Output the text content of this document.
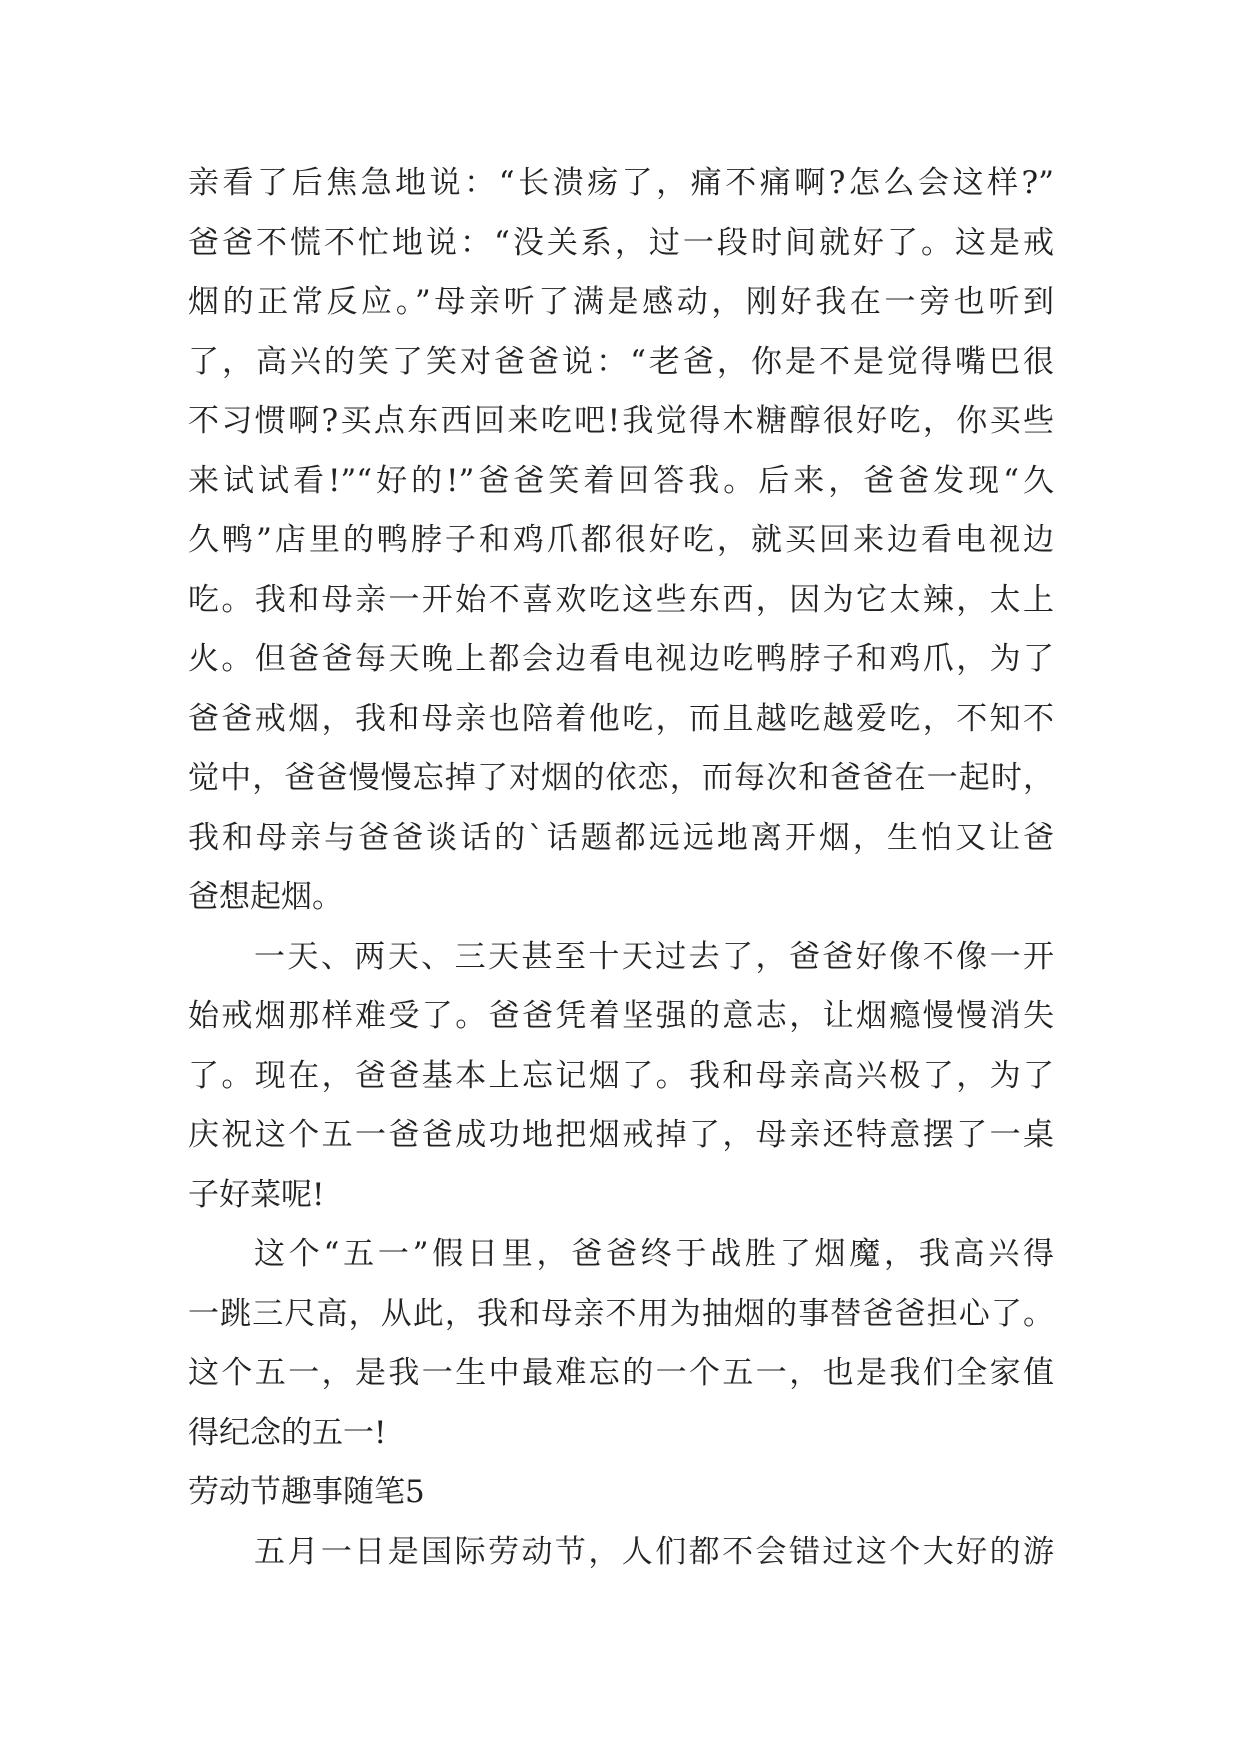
亲看了后焦急地说：“长溃疡了，痛不痛啊?怎么会这样?”
爸爸不慌不忙地说：“没关系，过一段时间就好了。这是戒
烟的正常反应。”母亲听了满是感动，刚好我在一旁也听到
了，高兴的笑了笑对爸爸说：“老爸，你是不是觉得嘴巴很
不习惯啊?买点东西回来吃吧!我觉得木糖醇很好吃，你买些
来试试看!”“好的!”爸爸笑着回答我。后来，爸爸发现“久
久鸭”店里的鸭脖子和鸡爪都很好吃，就买回来边看电视边
吃。我和母亲一开始不喜欢吃这些东西，因为它太辣，太上
火。但爸爸每天晚上都会边看电视边吃鸭脖子和鸡爪，为了
爸爸戒烟，我和母亲也陪着他吃，而且越吃越爱吃，不知不
觉中，爸爸慢慢忘掉了对烟的依恋，而每次和爸爸在一起时，
我和母亲与爸爸谈话的`话题都远远地离开烟，生怕又让爸
爸想起烟。
一天、两天、三天甚至十天过去了，爸爸好像不像一开
始戒烟那样难受了。爸爸凭着坚强的意志，让烟瘾慢慢消失
了。现在，爸爸基本上忘记烟了。我和母亲高兴极了，为了
庆祝这个五一爸爸成功地把烟戒掉了，母亲还特意摆了一桌
子好菜呢!
这个“五一”假日里，爸爸终于战胜了烟魔，我高兴得
一跳三尺高，从此，我和母亲不用为抽烟的事替爸爸担心了。
这个五一，是我一生中最难忘的一个五一，也是我们全家值
得纪念的五一!
劳动节趣事随笔5
五月一日是国际劳动节，人们都不会错过这个大好的游
